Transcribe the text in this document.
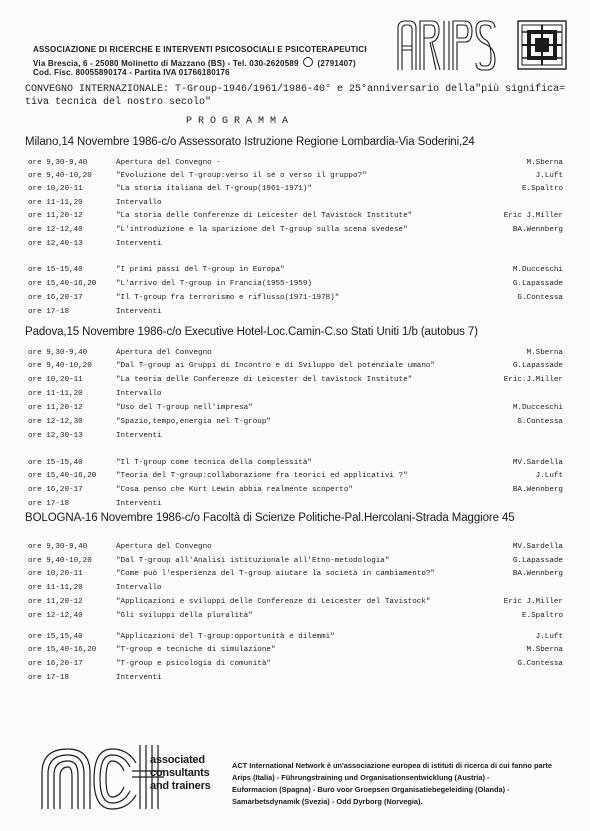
ASSOCIAZIONE DI RICERCHE E INTERVENTI PSICOSOCIALI E PSICOTERAPEUTICI
Via Brescia, 6 - 25080 Molinetto di Mazzano (BS) - Tel. 030-2620589 (2791407)
Cod. Fisc. 80055890174 - Partita IVA 01766180176
CONVEGNO INTERNAZIONALE: T-Group-1946/1961/1986-40° e 25°anniversario della"più significa=
tiva tecnica del nostro secolo"
P R O G R A M M A
Milano,14 Novembre 1986-c/o Assessorato Istruzione Regione Lombardia-Via Soderini,24
ore 9,30-9,40	Apertura del Convegno -	M.Sberna
ore 9,40-10,20	"Evoluzione del T-group:verso il sé o verso il gruppo?"	J.Luft
ore 10,20-11	"La storia italiana del T-group(1961-1971)"	E.Spaltro
ore 11-11,20	Intervallo
ore 11,20-12	"La storia delle Conferenze di Leicester del Tavistock Institute"	Eric J.Miller
ore 12-12,40	"L'introduzione e la sparizione del T-group sulla scena svedese"	BA.Wennberg
ore 12,40-13	Interventi
ore 15-15,40	"I primi passi del T-group in Europa"	M.Ducceschi
ore 15,40-16,20	"L'arrivo del T-group in Francia(1955-1959)	G.Lapassade
ore 16,20-17	"Il T-group fra terrorismo e riflusso(1971-1978)"	G.Contessa
ore 17-18	Interventi
Padova,15 Novembre 1986-c/o Executive Hotel-Loc.Camin-C.so Stati Uniti 1/b (autobus 7)
ore 9,30-9,40	Apertura del Convegno	M.Sberna
ore 9,40-10,20	"Dal T-group ai Gruppi di Incontro e di Sviluppo del potenziale umano"	G.Lapassade
ore 10,20-11	"La teoria delle Conferenze di Leicester del tavistock Institute"	Eric.J.Miller
ore 11-11,20	Intervallo
ore 11,20-12	"Uso del T-group nell'impresa"	M.Ducceschi
ore 12-12,30	"Spazio,tempo,energia nel T-group"	G.Contessa
ore 12,30-13	Interventi
ore 15-15,40	"Il T-group come tecnica della complessità"	MV.Sardella
ore 15,40-16,20	"Teoria del T-group:collaborazione fra teorici ed applicativi ?"	J.Luft
ore 16,20-17	"Cosa penso che Kurt Lewin abbia realmente scoperto"	BA.Wennberg
ore 17-18	Interventi
BOLOGNA-16 Novembre 1986-c/o Facoltà di Scienze Politiche-Pal.Hercolani-Strada Maggiore 45
ore 9,30-9,40	Apertura del Convegno	MV.Sardella
ore 9,40-10,20	"Dal T-group all'Analisi istituzionale all'Etno-metodologia"	G.Lapassade
ore 10,20-11	"Come può l'esperienza del T-group aiutare la società in cambiamento?"	BA.Wennberg
ore 11-11,20	Intervallo
ore 11,20-12	"Applicazioni e sviluppi delle Conferenze di Leicester del Tavistock"	Eric J.Miller
ore 12-12,40	"Gli sviluppi della pluralità"	E.Spaltro
ore 15,15,40	"Applicazioni del T-group:opportunità e dilemmi"	J.Luft
ore 15,40-16,20	"T-group e tecniche di simulazione"	M.Sberna
ore 16,20-17	"T-group e psicologia di comunità"	G.Contessa
ore 17-18	Interventi
associated
consultants
and trainers
ACT International Network è un'associazione europea di istituti di ricerca di cui fanno parte
Arips (Italia) - Führungstraining und Organisationsentwicklung (Austria) -
Euformacion (Spagna) - Buro voor Groepsen Organisatiebegeleiding (Olanda) -
Samarbetsdynamik (Svezia) - Odd Dyrborg (Norvegia).
